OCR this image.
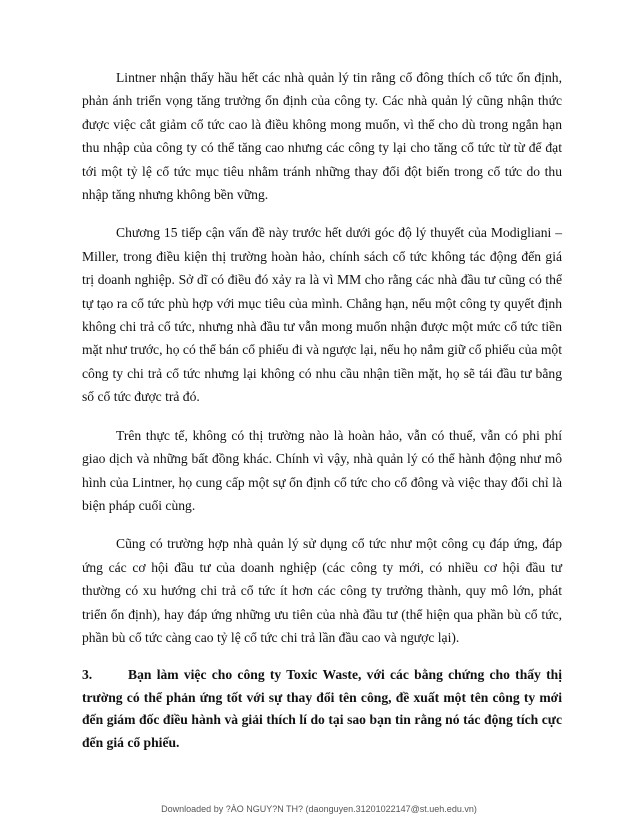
Lintner nhận thấy hầu hết các nhà quản lý tin rằng cổ đông thích cổ tức ổn định, phản ánh triển vọng tăng trưởng ổn định của công ty. Các nhà quản lý cũng nhận thức được việc cắt giảm cổ tức cao là điều không mong muốn, vì thế cho dù trong ngắn hạn thu nhập của công ty có thể tăng cao nhưng các công ty lại cho tăng cổ tức từ từ để đạt tới một tỷ lệ cổ tức mục tiêu nhằm tránh những thay đổi đột biến trong cổ tức do thu nhập tăng nhưng không bền vững.

Chương 15 tiếp cận vấn đề này trước hết dưới góc độ lý thuyết của Modigliani – Miller, trong điều kiện thị trường hoàn hảo, chính sách cổ tức không tác động đến giá trị doanh nghiệp. Sở dĩ có điều đó xảy ra là vì MM cho rằng các nhà đầu tư cũng có thể tự tạo ra cổ tức phù hợp với mục tiêu của mình. Chẳng hạn, nếu một công ty quyết định không chi trả cổ tức, nhưng nhà đầu tư vẫn mong muốn nhận được một mức cổ tức tiền mặt như trước, họ có thể bán cổ phiếu đi và ngược lại, nếu họ nắm giữ cổ phiếu của một công ty chi trả cổ tức nhưng lại không có nhu cầu nhận tiền mặt, họ sẽ tái đầu tư bằng số cổ tức được trả đó.

Trên thực tế, không có thị trường nào là hoàn hảo, vẫn có thuế, vẫn có phi phí giao dịch và những bất đồng khác. Chính vì vậy, nhà quản lý có thể hành động như mô hình của Lintner, họ cung cấp một sự ổn định cổ tức cho cổ đông và việc thay đổi chỉ là biện pháp cuối cùng.

Cũng có trường hợp nhà quản lý sử dụng cổ tức như một công cụ đáp ứng, đáp ứng các cơ hội đầu tư của doanh nghiệp (các công ty mới, có nhiều cơ hội đầu tư thường có xu hướng chi trả cổ tức ít hơn các công ty trưởng thành, quy mô lớn, phát triển ổn định), hay đáp ứng những ưu tiên của nhà đầu tư (thể hiện qua phần bù cổ tức, phần bù cổ tức càng cao tỷ lệ cổ tức chi trả lần đầu cao và ngược lại).

3.	Bạn làm việc cho công ty Toxic Waste, với các bằng chứng cho thấy thị trường có thể phản ứng tốt với sự thay đổi tên công, đề xuất một tên công ty mới đến giám đốc điều hành và giải thích lí do tại sao bạn tin rằng nó tác động tích cực đến giá cổ phiếu.

Downloaded by ?ÀO NGUY?N TH? (daonguyen.31201022147@st.ueh.edu.vn)
